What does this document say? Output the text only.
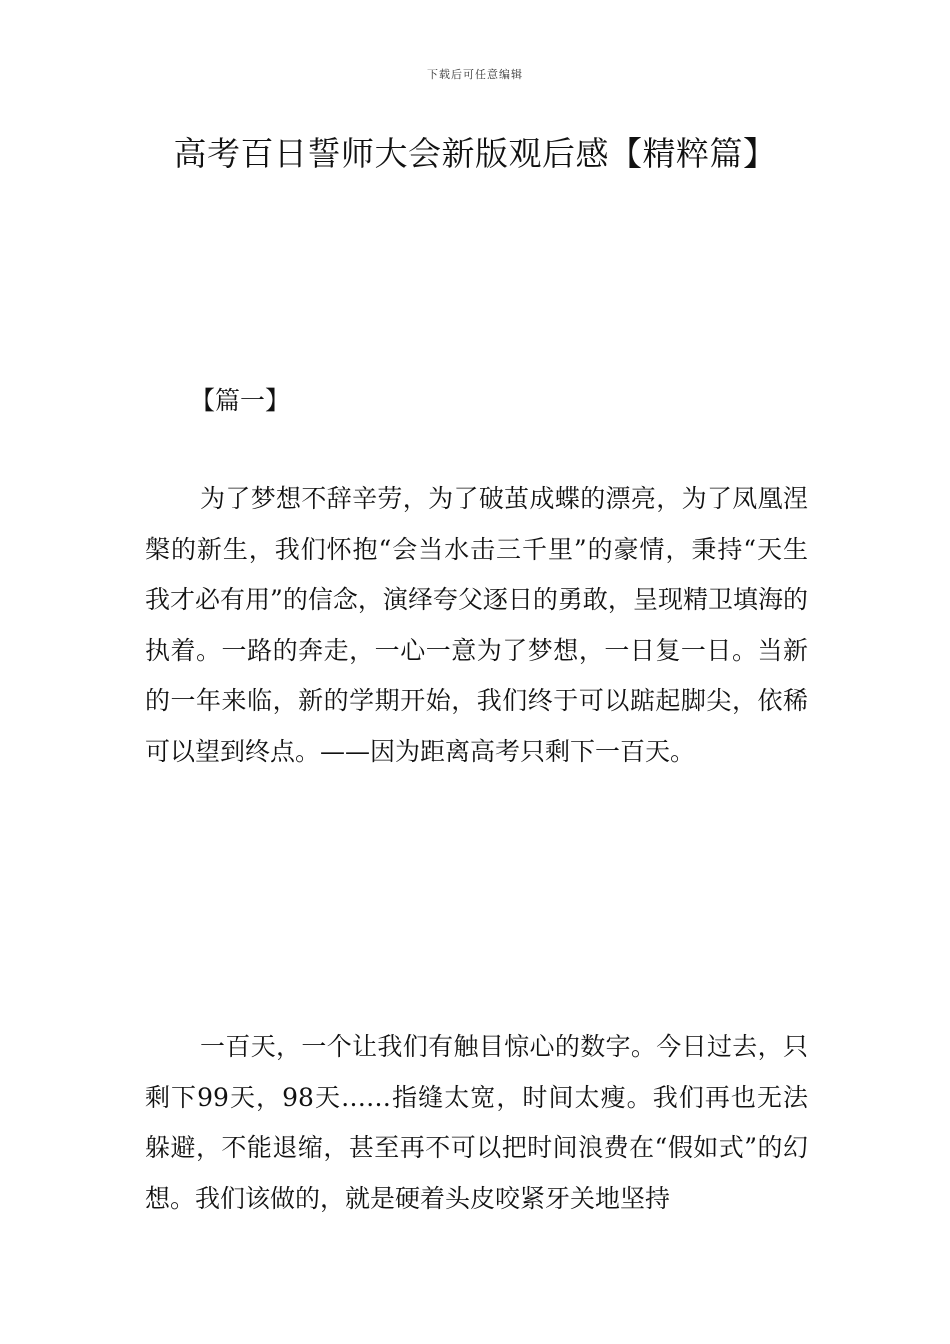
下载后可任意编辑
高考百日誓师大会新版观后感【精粹篇】
【篇一】

为了梦想不辞辛劳，为了破茧成蝶的漂亮，为了凤凰涅槃的新生，我们怀抱“会当水击三千里”的豪情，秉持“天生我才必有用”的信念，演绎夸父逐日的勇敢，呈现精卫填海的执着。一路的奔走，一心一意为了梦想，一日复一日。当新的一年来临，新的学期开始，我们终于可以踮起脚尖，依稀可以望到终点。——因为距离高考只剩下一百天。

一百天，一个让我们有触目惊心的数字。今日过去，只剩下99天，98天……指缝太宽，时间太瘦。我们再也无法躲避，不能退缩，甚至再不可以把时间浪费在“假如式”的幻想。我们该做的，就是硬着头皮咬紧牙关地坚持
